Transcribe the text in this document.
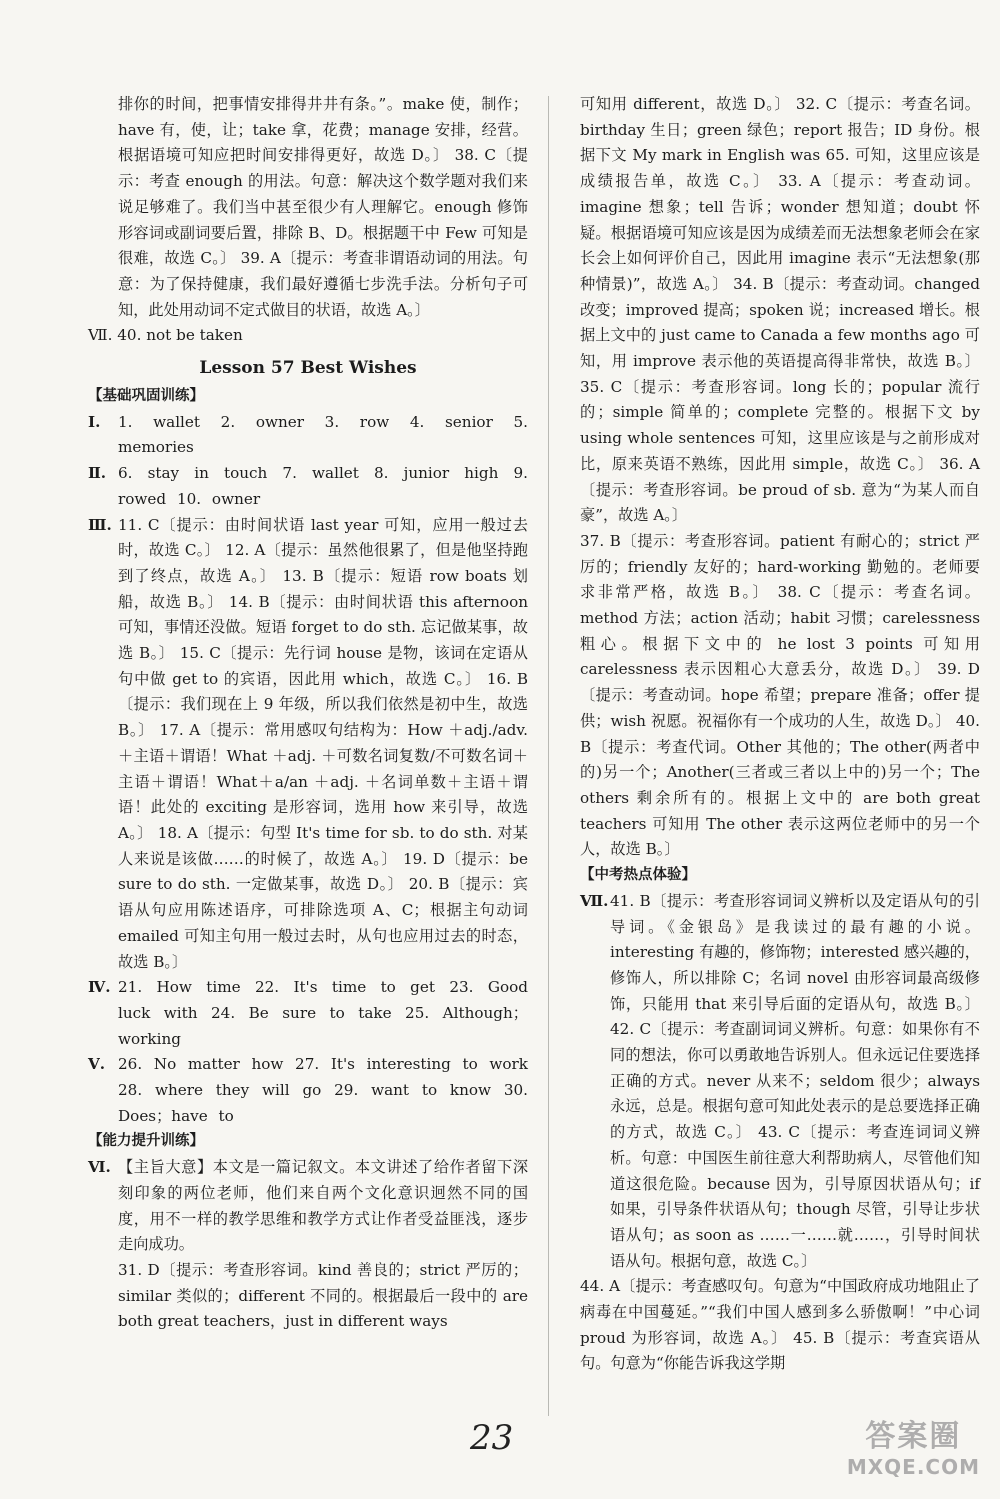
排你的时间，把事情安排得井井有条。”。make 使，制作；have 有，使，让；take 拿，花费；manage 安排，经营。根据语境可知应把时间安排得更好，故选 D。〕 38. C〔提示：考查 enough 的用法。句意：解决这个数学题对我们来说足够难了。我们当中甚至很少有人理解它。enough 修饰形容词或副词要后置，排除 B、D。根据题干中 Few 可知是很难，故选 C。〕 39. A〔提示：考查非谓语动词的用法。句意：为了保持健康，我们最好遵循七步洗手法。分析句子可知，此处用动词不定式做目的状语，故选 A。〕

Ⅶ. 40. not be taken

Lesson 57 Best Wishes

【基础巩固训练】

Ⅰ.	1. wallet 2. owner 3. row 4. senior 5. memories
Ⅱ. 6. stay in touch 7. wallet 8. junior high 9. rowed 10. owner
Ⅲ. 11. C〔提示：由时间状语 last year 可知，应用一般过去时，故选 C。〕 12. A〔提示：虽然他很累了，但是他坚持跑到了终点，故选 A。〕 13. B〔提示：短语 row boats 划船，故选 B。〕 14. B〔提示：由时间状语 this afternoon 可知，事情还没做。短语 forget to do sth. 忘记做某事，故选 B。〕 15. C〔提示：先行词 house 是物，该词在定语从句中做 get to 的宾语，因此用 which，故选 C。〕 16. B〔提示：我们现在上 9 年级，所以我们依然是初中生，故选 B。〕 17. A〔提示：常用感叹句结构为：How ＋adj./adv. ＋主语＋谓语！What ＋adj. ＋可数名词复数/不可数名词＋主语＋谓语！What＋a/an ＋adj. ＋名词单数＋主语＋谓语！此处的 exciting 是形容词，选用 how 来引导，故选 A。〕 18. A〔提示：句型 It's time for sb. to do sth. 对某人来说是该做……的时候了，故选 A。〕 19. D〔提示：be sure to do sth. 一定做某事，故选 D。〕 20. B〔提示：宾语从句应用陈述语序，可排除选项 A、C；根据主句动词 emailed 可知主句用一般过去时，从句也应用过去的时态，故选 B。〕
Ⅳ. 21. How time 22. It's time to get 23. Good luck with 24. Be sure to take 25. Although；working
Ⅴ. 26. No matter how 27. It's interesting to work 28. where they will go 29. want to know 30. Does；have to

【能力提升训练】

Ⅵ. 【主旨大意】本文是一篇记叙文。本文讲述了给作者留下深刻印象的两位老师，他们来自两个文化意识迥然不同的国度，用不一样的教学思维和教学方式让作者受益匪浅，逐步走向成功。

31. D〔提示：考查形容词。kind 善良的；strict 严厉的；similar 类似的；different 不同的。根据最后一段中的 are both great teachers，just in different ways

可知用 different，故选 D。〕 32. C〔提示：考查名词。birthday 生日；green 绿色；report 报告；ID 身份。根据下文 My mark in English was 65. 可知，这里应该是成绩报告单，故选 C。〕 33. A〔提示：考查动词。imagine 想象；tell 告诉；wonder 想知道；doubt 怀疑。根据语境可知应该是因为成绩差而无法想象老师会在家长会上如何评价自己，因此用 imagine 表示“无法想象(那种情景)”，故选 A。〕 34. B〔提示：考查动词。changed 改变；improved 提高；spoken 说；increased 增长。根据上文中的 just came to Canada a few months ago 可知，用 improve 表示他的英语提高得非常快，故选 B。〕 35. C〔提示：考查形容词。long 长的；popular 流行的；simple 简单的；complete 完整的。根据下文 by using whole sentences 可知，这里应该是与之前形成对比，原来英语不熟练，因此用 simple，故选 C。〕 36. A〔提示：考查形容词。be proud of sb. 意为“为某人而自豪”，故选 A。〕

37. B〔提示：考查形容词。patient 有耐心的；strict 严厉的；friendly 友好的；hard-working 勤勉的。老师要求非常严格，故选 B。〕 38. C〔提示：考查名词。method 方法；action 活动；habit 习惯；carelessness 粗心。根据下文中的 he lost 3 points 可知用 carelessness 表示因粗心大意丢分，故选 D。〕 39. D〔提示：考查动词。hope 希望；prepare 准备；offer 提供；wish 祝愿。祝福你有一个成功的人生，故选 D。〕 40. B〔提示：考查代词。Other 其他的；The other(两者中的)另一个；Another(三者或三者以上中的)另一个；The others 剩余所有的。根据上文中的 are both great teachers 可知用 The other 表示这两位老师中的另一个人，故选 B。〕

【中考热点体验】

Ⅶ. 41. B〔提示：考查形容词词义辨析以及定语从句的引导词。《金银岛》是我读过的最有趣的小说。interesting 有趣的，修饰物；interested 感兴趣的，修饰人，所以排除 C；名词 novel 由形容词最高级修饰，只能用 that 来引导后面的定语从句，故选 B。〕 42. C〔提示：考查副词词义辨析。句意：如果你有不同的想法，你可以勇敢地告诉别人。但永远记住要选择正确的方式。never 从来不；seldom 很少；always 永远，总是。根据句意可知此处表示的是总要选择正确的方式，故选 C。〕 43. C〔提示：考查连词词义辨析。句意：中国医生前往意大利帮助病人，尽管他们知道这很危险。because 因为，引导原因状语从句；if 如果，引导条件状语从句；though 尽管，引导让步状语从句；as soon as ……一……就……，引导时间状语从句。根据句意，故选 C。〕

44. A〔提示：考查感叹句。句意为“中国政府成功地阻止了病毒在中国蔓延。”“我们中国人感到多么骄傲啊！”中心词 proud 为形容词，故选 A。〕 45. B〔提示：考查宾语从句。句意为“你能告诉我这学期

23	答案圈
MXQE.COM
